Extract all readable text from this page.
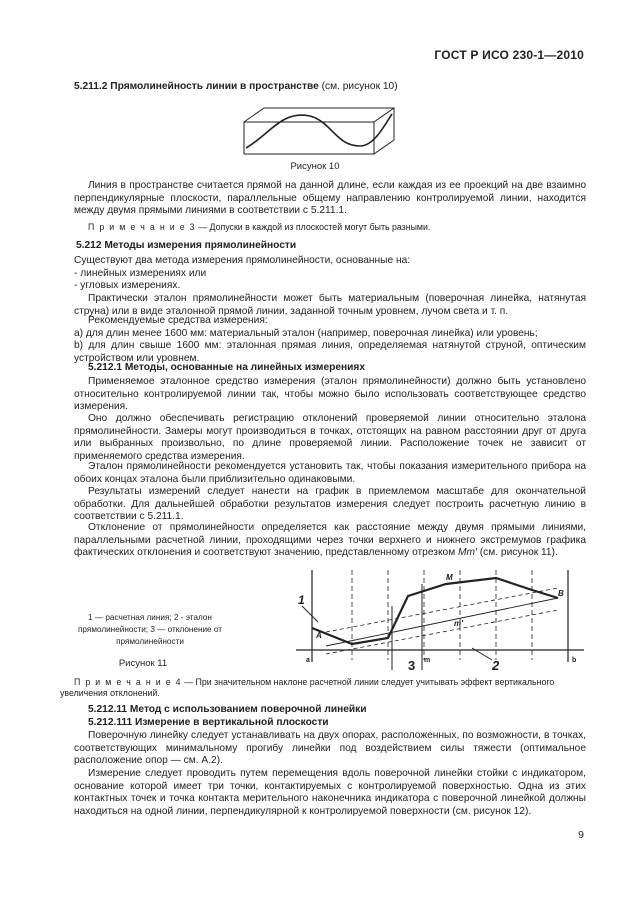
ГОСТ Р ИСО 230-1—2010
5.211.2 Прямолинейность линии в пространстве (см. рисунок 10)
Рисунок 10
Линия в пространстве считается прямой на данной длине, если каждая из ее проекций на две взаимно перпендикулярные плоскости, параллельные общему направлению контролируемой линии, находится между двумя прямыми линиями в соответствии с 5.211.1.
П р и м е ч а н и е 3 — Допуски в каждой из плоскостей могут быть разными.
5.212 Методы измерения прямолинейности
Существуют два метода измерения прямолинейности, основанные на:
- линейных измерениях или
- угловых измерениях.
Практически эталон прямолинейности может быть материальным (поверочная линейка, натянутая струна) или в виде эталонной прямой линии, заданной точным уровнем, лучом света и т. п.
Рекомендуемые средства измерения:
a) для длин менее 1600 мм: материальный эталон (например, поверочная линейка) или уровень;
b) для длин свыше 1600 мм: эталонная прямая линия, определяемая натянутой струной, оптическим устройством или уровнем.
5.212.1 Методы, основанные на линейных измерениях
Применяемое эталонное средство измерения (эталон прямолинейности) должно быть установлено относительно контролируемой линии так, чтобы можно было использовать соответствующее средство измерения.
Оно должно обеспечивать регистрацию отклонений проверяемой линии относительно эталона прямолинейности. Замеры могут производиться в точках, отстоящих на равном расстоянии друг от друга или выбранных произвольно, по длине проверяемой линии. Расположение точек не зависит от применяемого средства измерения.
Эталон прямолинейности рекомендуется установить так, чтобы показания измерительного прибора на обоих концах эталона были приблизительно одинаковыми.
Результаты измерений следует нанести на график в приемлемом масштабе для окончательной обработки. Для дальнейшей обработки результатов измерения следует построить расчетную линию в соответствии с 5.211.1.
Отклонение от прямолинейности определяется как расстояние между двумя прямыми линиями, параллельными расчетной линии, проходящими через точки верхнего и нижнего экстремумов графика фактических отклонения и соответствуют значению, представленному отрезком Mm′ (см. рисунок 11).
1
2
3
M
m′
A
B
a	b
m
1 — расчетная линия; 2 - эталон прямолинейности; 3 — отклонение от прямолинейности
Рисунок 11
П р и м е ч а н и е 4 — При значительном наклоне расчетной линии следует учитывать эффект вертикального увеличения отклонений.
5.212.11 Метод с использованием поверочной линейки
5.212.111 Измерение в вертикальной плоскости
Поверочную линейку следует устанавливать на двух опорах, расположенных, по возможности, в точках, соответствующих минимальному прогибу линейки под воздействием силы тяжести (оптимальное расположение опор — см. А.2).
Измерение следует проводить путем перемещения вдоль поверочной линейки стойки с индикатором, основание которой имеет три точки, контактируемых с контролируемой поверхностью. Одна из этих контактных точек и точка контакта мерительного наконечника индикатора с поверочной линейкой должны находиться на одной линии, перпендикулярной к контролируемой поверхности (см. рисунок 12).
9
